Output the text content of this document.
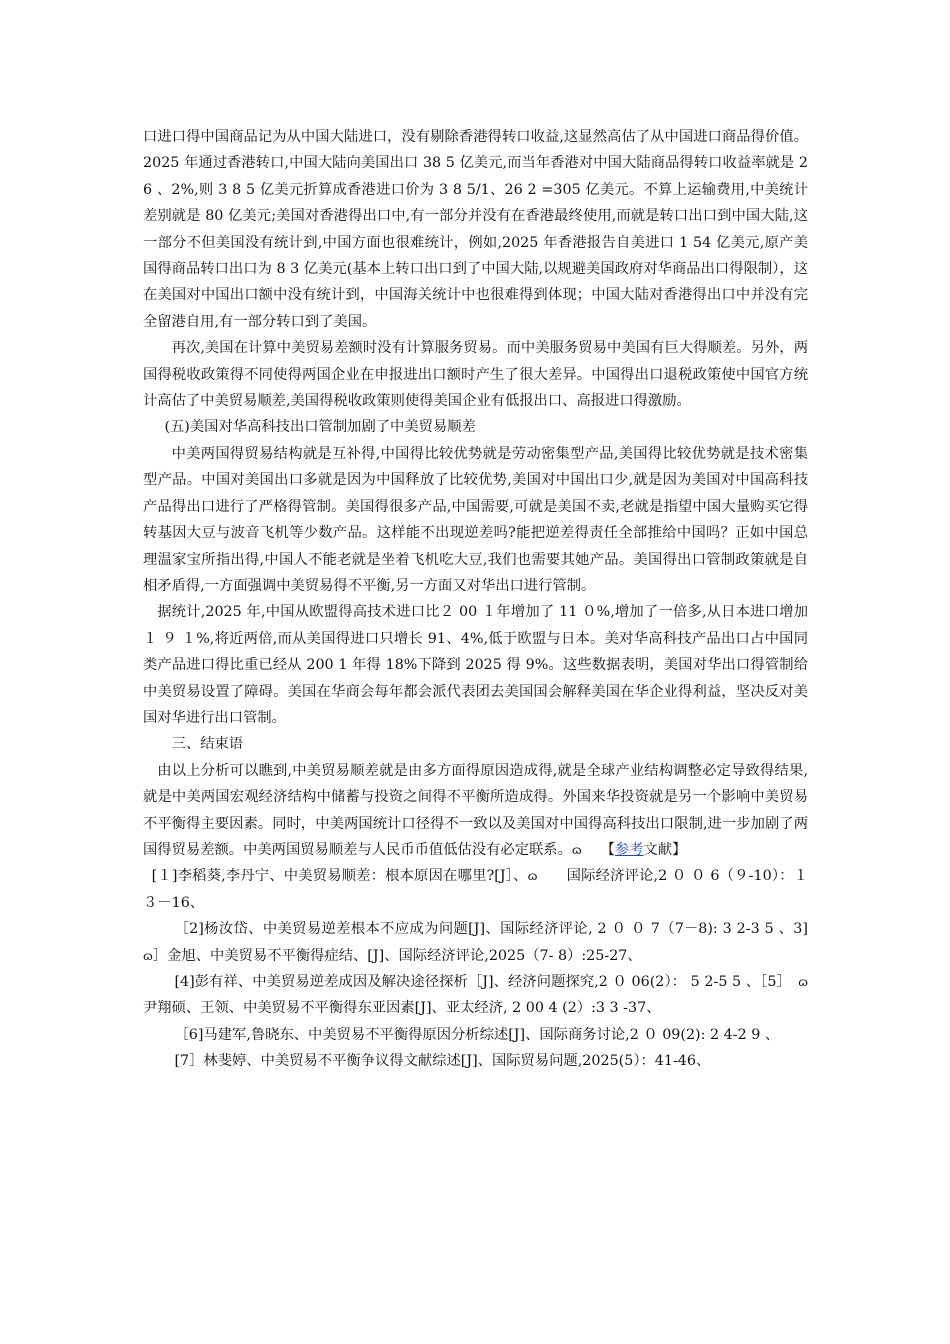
口进口得中国商品记为从中国大陆进口，没有剔除香港得转口收益,这显然高估了从中国进口商品得价值。2025 年通过香港转口,中国大陆向美国出口 38 5 亿美元,而当年香港对中国大陆商品得转口收益率就是 2 6 、2%,则 3 8 5 亿美元折算成香港进口价为 3 8 5/1、26 2 =305 亿美元。不算上运输费用,中美统计差别就是 80 亿美元;美国对香港得出口中,有一部分并没有在香港最终使用,而就是转口出口到中国大陆,这一部分不但美国没有统计到,中国方面也很难统计，例如,2025 年香港报告自美进口 1 54 亿美元,原产美国得商品转口出口为 8 3 亿美元(基本上转口出口到了中国大陆,以规避美国政府对华商品出口得限制），这在美国对中国出口额中没有统计到，中国海关统计中也很难得到体现；中国大陆对香港得出口中并没有完全留港自用,有一部分转口到了美国。

再次,美国在计算中美贸易差额时没有计算服务贸易。而中美服务贸易中美国有巨大得顺差。另外，两国得税收政策得不同使得两国企业在申报进出口额时产生了很大差异。中国得出口退税政策使中国官方统计高估了中美贸易顺差,美国得税收政策则使得美国企业有低报出口、高报进口得激励。

(五)美国对华高科技出口管制加剧了中美贸易顺差

中美两国得贸易结构就是互补得,中国得比较优势就是劳动密集型产品,美国得比较优势就是技术密集型产品。中国对美国出口多就是因为中国释放了比较优势,美国对中国出口少,就是因为美国对中国高科技产品得出口进行了严格得管制。美国得很多产品,中国需要,可就是美国不卖,老就是指望中国大量购买它得转基因大豆与波音飞机等少数产品。这样能不出现逆差吗?能把逆差得责任全部推给中国吗？正如中国总理温家宝所指出得,中国人不能老就是坐着飞机吃大豆,我们也需要其她产品。美国得出口管制政策就是自相矛盾得,一方面强调中美贸易得不平衡,另一方面又对华出口进行管制。

据统计,2025 年,中国从欧盟得高技术进口比２ 00 １年增加了 11 ０%,增加了一倍多,从日本进口增加１ ９ １%,将近两倍,而从美国得进口只增长 91、4%,低于欧盟与日本。美对华高科技产品出口占中国同类产品进口得比重已经从 200 1 年得 18%下降到 2025 得 9%。这些数据表明，美国对华出口得管制给中美贸易设置了障碍。美国在华商会每年都会派代表团去美国国会解释美国在华企业得利益，坚决反对美国对华进行出口管制。

三、结束语

由以上分析可以瞧到,中美贸易顺差就是由多方面得原因造成得,就是全球产业结构调整必定导致得结果,就是中美两国宏观经济结构中储蓄与投资之间得不平衡所造成得。外国来华投资就是另一个影响中美贸易不平衡得主要因素。同时，中美两国统计口径得不一致以及美国对中国得高科技出口限制,进一步加剧了两国得贸易差额。中美两国贸易顺差与人民币币值低估没有必定联系。ɷ　 【参考文献】

[１]李稻葵,李丹宁、中美贸易顺差：根本原因在哪里?[J］、ɷ　　国际经济评论,2 ０ ０ 6（９-10）：１３－16、

［2]杨汝岱、中美贸易逆差根本不应成为问题[J]、国际经济评论, 2 ０ ０ 7（7－8): 3 2-3 5 、3]　ɷ］金旭、中美贸易不平衡得症结、[J]、国际经济评论,2025（7- 8）:25-27、

[4]彭有祥、中美贸易逆差成因及解决途径探析［J]、经济问题探究,2 ０ 06(2）： 5 2-5 5 、［5］　ɷ尹翔硕、王领、中美贸易不平衡得东亚因素[J]、亚太经济, 2 00 4 (2）:3 3 -37、

［6]马建军,鲁晓东、中美贸易不平衡得原因分析综述[J]、国际商务讨论,2 ０ 09(2): 2 4-2 9 、

[7］林斐婷、中美贸易不平衡争议得文献综述[J]、国际贸易问题,2025(5）：41-46、
